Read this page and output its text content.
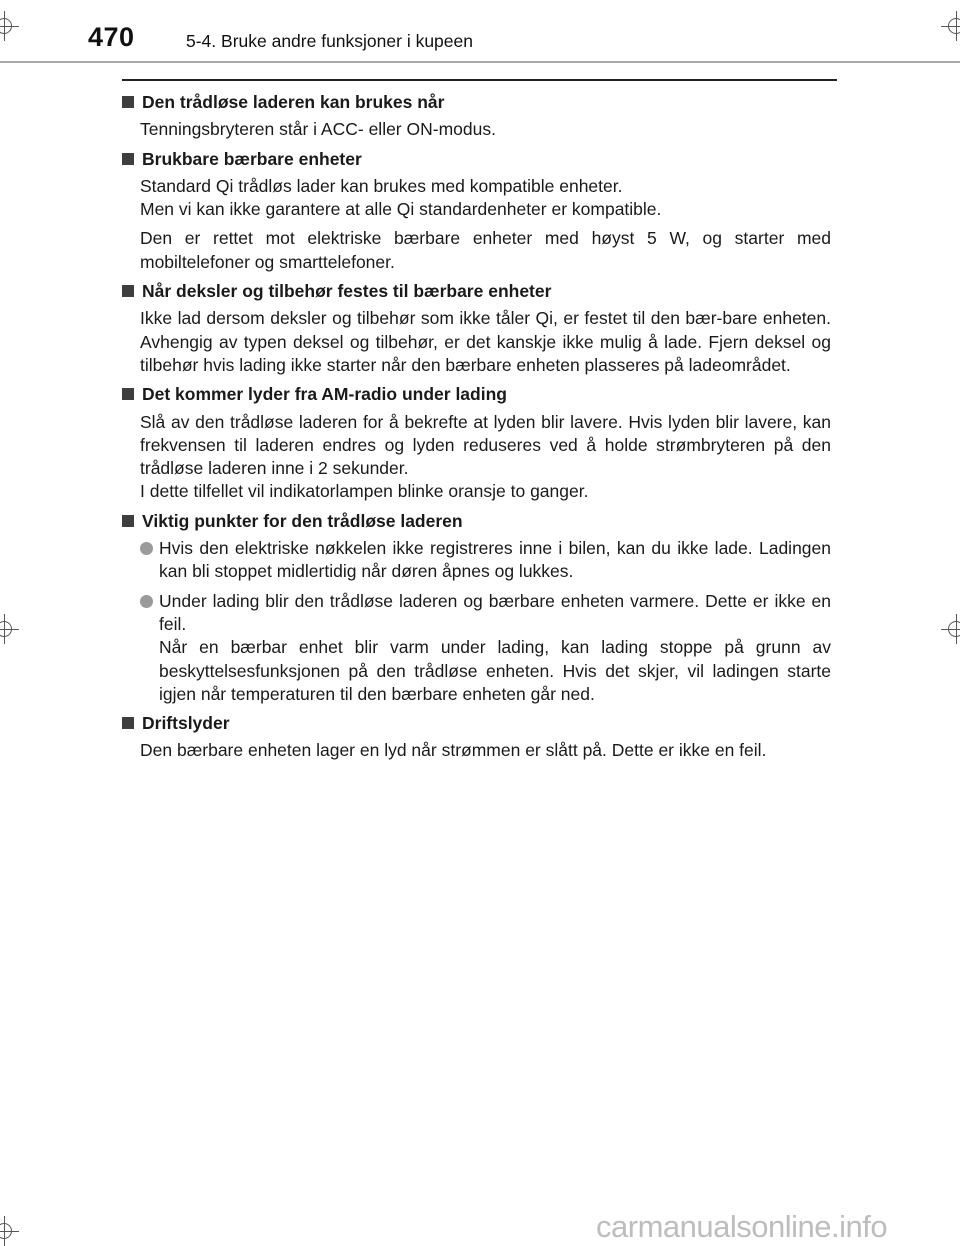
470	5-4. Bruke andre funksjoner i kupeen
Den trådløse laderen kan brukes når
Tenningsbryteren står i ACC- eller ON-modus.
Brukbare bærbare enheter
Standard Qi trådløs lader kan brukes med kompatible enheter.
Men vi kan ikke garantere at alle Qi standardenheter er kompatible.
Den er rettet mot elektriske bærbare enheter med høyst 5 W, og starter med mobiltelefoner og smarttelefoner.
Når deksler og tilbehør festes til bærbare enheter
Ikke lad dersom deksler og tilbehør som ikke tåler Qi, er festet til den bær-bare enheten. Avhengig av typen deksel og tilbehør, er det kanskje ikke mulig å lade. Fjern deksel og tilbehør hvis lading ikke starter når den bærbare enheten plasseres på ladeområdet.
Det kommer lyder fra AM-radio under lading
Slå av den trådløse laderen for å bekrefte at lyden blir lavere. Hvis lyden blir lavere, kan frekvensen til laderen endres og lyden reduseres ved å holde strømbryteren på den trådløse laderen inne i 2 sekunder.
I dette tilfellet vil indikatorlampen blinke oransje to ganger.
Viktig punkter for den trådløse laderen
Hvis den elektriske nøkkelen ikke registreres inne i bilen, kan du ikke lade. Ladingen kan bli stoppet midlertidig når døren åpnes og lukkes.
Under lading blir den trådløse laderen og bærbare enheten varmere. Dette er ikke en feil.
Når en bærbar enhet blir varm under lading, kan lading stoppe på grunn av beskyttelsesfunksjonen på den trådløse enheten. Hvis det skjer, vil ladingen starte igjen når temperaturen til den bærbare enheten går ned.
Driftslyder
Den bærbare enheten lager en lyd når strømmen er slått på. Dette er ikke en feil.
carmanualsonline.info
